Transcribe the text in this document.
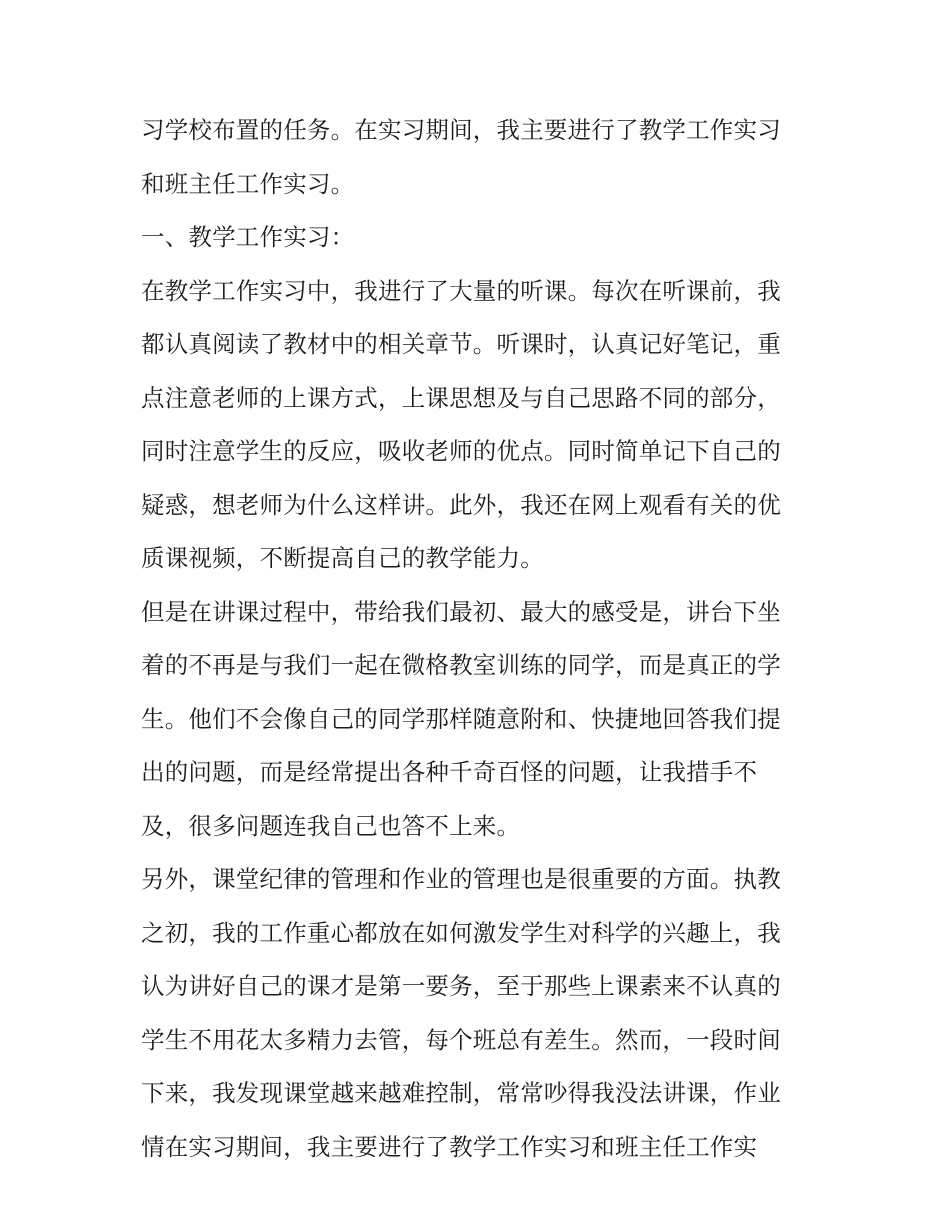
习学校布置的任务。在实习期间，我主要进行了教学工作实习
和班主任工作实习。
一、教学工作实习：
在教学工作实习中，我进行了大量的听课。每次在听课前，我
都认真阅读了教材中的相关章节。听课时，认真记好笔记，重
点注意老师的上课方式，上课思想及与自己思路不同的部分，
同时注意学生的反应，吸收老师的优点。同时简单记下自己的
疑惑，想老师为什么这样讲。此外，我还在网上观看有关的优
质课视频，不断提高自己的教学能力。
但是在讲课过程中，带给我们最初、最大的感受是，讲台下坐
着的不再是与我们一起在微格教室训练的同学，而是真正的学
生。他们不会像自己的同学那样随意附和、快捷地回答我们提
出的问题，而是经常提出各种千奇百怪的问题，让我措手不
及，很多问题连我自己也答不上来。
另外，课堂纪律的管理和作业的管理也是很重要的方面。执教
之初，我的工作重心都放在如何激发学生对科学的兴趣上，我
认为讲好自己的课才是第一要务，至于那些上课素来不认真的
学生不用花太多精力去管，每个班总有差生。然而，一段时间
下来，我发现课堂越来越难控制，常常吵得我没法讲课，作业
情在实习期间，我主要进行了教学工作实习和班主任工作实
